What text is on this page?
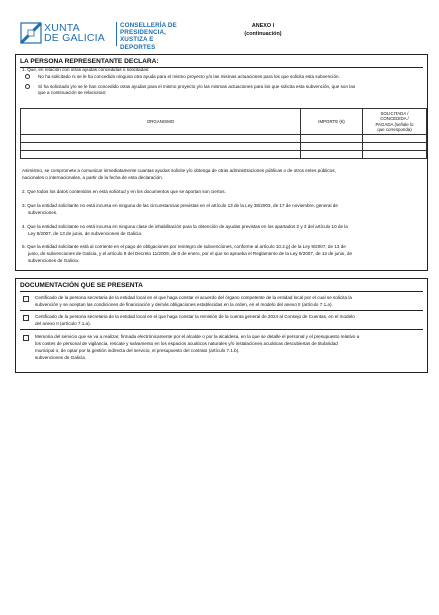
XUNTA
DE GALICIA
CONSELLERÍA DE
PRESIDENCIA,
XUSTIZA E DEPORTES
ANEXO I
(continuación)
LA PERSONA REPRESENTANTE DECLARA:
1. Que, en relación con otras ayudas concedidas o solicitadas:
No ha solicitado ni se le ha concedido ninguna otra ayuda para el mismo proyecto y/o las mismas actuaciones para los que solicita esta subvención.
Sí ha solicitado y/o se le han concedido otras ayudas para el mismo proyecto y/o las mismas actuaciones para los que solicita esta subvención, que son las
que a continuación se relacionan:
ORGANISMO	IMPORTE (€)	SOLICITADA /
CONCEDIDA /
PAGADA (señale lo
que corresponda)

Asimismo, se compromete a comunicar inmediatamente cuantas ayudas solicite y/o obtenga de otras administraciones públicas o de otros entes públicos,
nacionales o internacionales, a partir de la fecha de esta declaración.
2. Que todos los datos contenidos en esta solicitud y en los documentos que se aportan son ciertos.
3. Que la entidad solicitante no está incursa en ninguna de las circunstancias previstas en el artículo 13 de la Ley 38/2003, de 17 de noviembre, general de
subvenciones.
4. Que la entidad solicitante no está incursa en ninguna clase de inhabilitación para la obtención de ayudas previstas en los apartados 2 y 3 del artículo 10 de la
Ley 9/2007, de 13 de junio, de subvenciones de Galicia.
5. Que la entidad solicitante está al corriente en el pago de obligaciones por reintegro de subvenciones, conforme al artículo 10.2.g) de la Ley 9/2007, de 13 de
junio, de subvenciones de Galicia, y el artículo 9 del Decreto 11/2009, de 8 de enero, por el que se aprueba el Reglamento de la Ley 9/2007, de 13 de junio, de
subvenciones de Galicia.
DOCUMENTACIÓN QUE SE PRESENTA
Certificado de la persona secretaria de la entidad local en el que haga constar el acuerdo del órgano competente de la entidad local por el cual se solicita la
subvención y se aceptan las condiciones de financiación y demás obligaciones establecidas en la orden, en el modelo del anexo II (artículo 7.1.a).
Certificado de la persona secretaria de la entidad local en el que haga constar la remisión de la cuenta general de 2024 al Consejo de Cuentas, en el modelo
del anexo II (artículo 7.1.a).
Memoria del servicio que se va a realizar, firmada electrónicamente por el alcalde o por la alcaldesa, en la que se detalle el personal y el presupuesto relativo a
los costes de personal de vigilancia, rescate y salvamento en los espacios acuáticos naturales y/o instalaciones acuáticas descubiertas de titularidad
municipal o, de optar por la gestión indirecta del servicio, el presupuesto del contrato (artículo 7.1.b).
subvenciones de Galicia.
